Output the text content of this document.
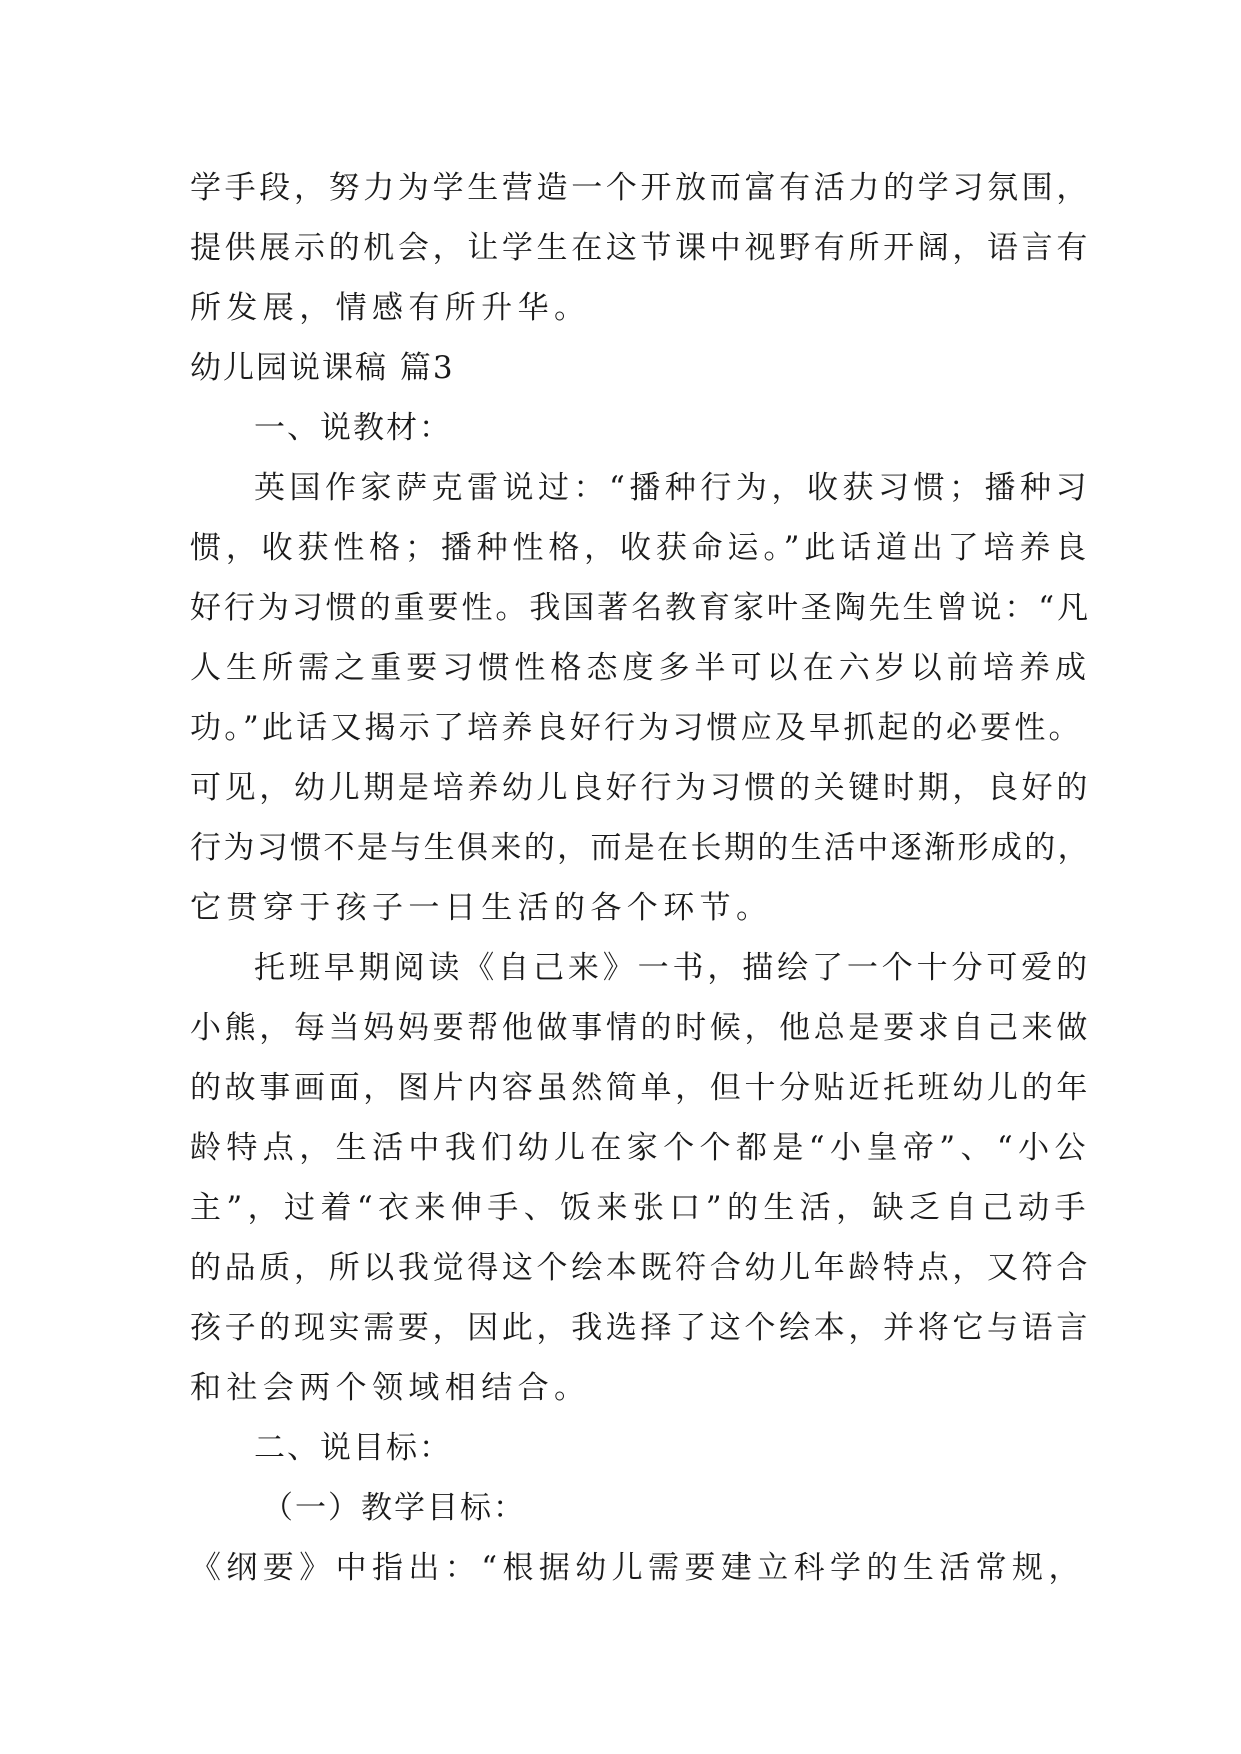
学手段，努力为学生营造一个开放而富有活力的学习氛围，
提供展示的机会，让学生在这节课中视野有所开阔，语言有
所发展，情感有所升华。
幼儿园说课稿 篇3
一、说教材：
英国作家萨克雷说过：“播种行为，收获习惯；播种习
惯，收获性格；播种性格，收获命运。”此话道出了培养良
好行为习惯的重要性。我国著名教育家叶圣陶先生曾说：“凡
人生所需之重要习惯性格态度多半可以在六岁以前培养成
功。”此话又揭示了培养良好行为习惯应及早抓起的必要性。
可见，幼儿期是培养幼儿良好行为习惯的关键时期，良好的
行为习惯不是与生俱来的，而是在长期的生活中逐渐形成的，
它贯穿于孩子一日生活的各个环节。
托班早期阅读《自己来》一书，描绘了一个十分可爱的
小熊，每当妈妈要帮他做事情的时候，他总是要求自己来做
的故事画面，图片内容虽然简单，但十分贴近托班幼儿的年
龄特点，生活中我们幼儿在家个个都是“小皇帝”、“小公
主”，过着“衣来伸手、饭来张口”的生活，缺乏自己动手
的品质，所以我觉得这个绘本既符合幼儿年龄特点，又符合
孩子的现实需要，因此，我选择了这个绘本，并将它与语言
和社会两个领域相结合。
二、说目标：
（一）教学目标：
《纲要》中指出：“根据幼儿需要建立科学的生活常规，
